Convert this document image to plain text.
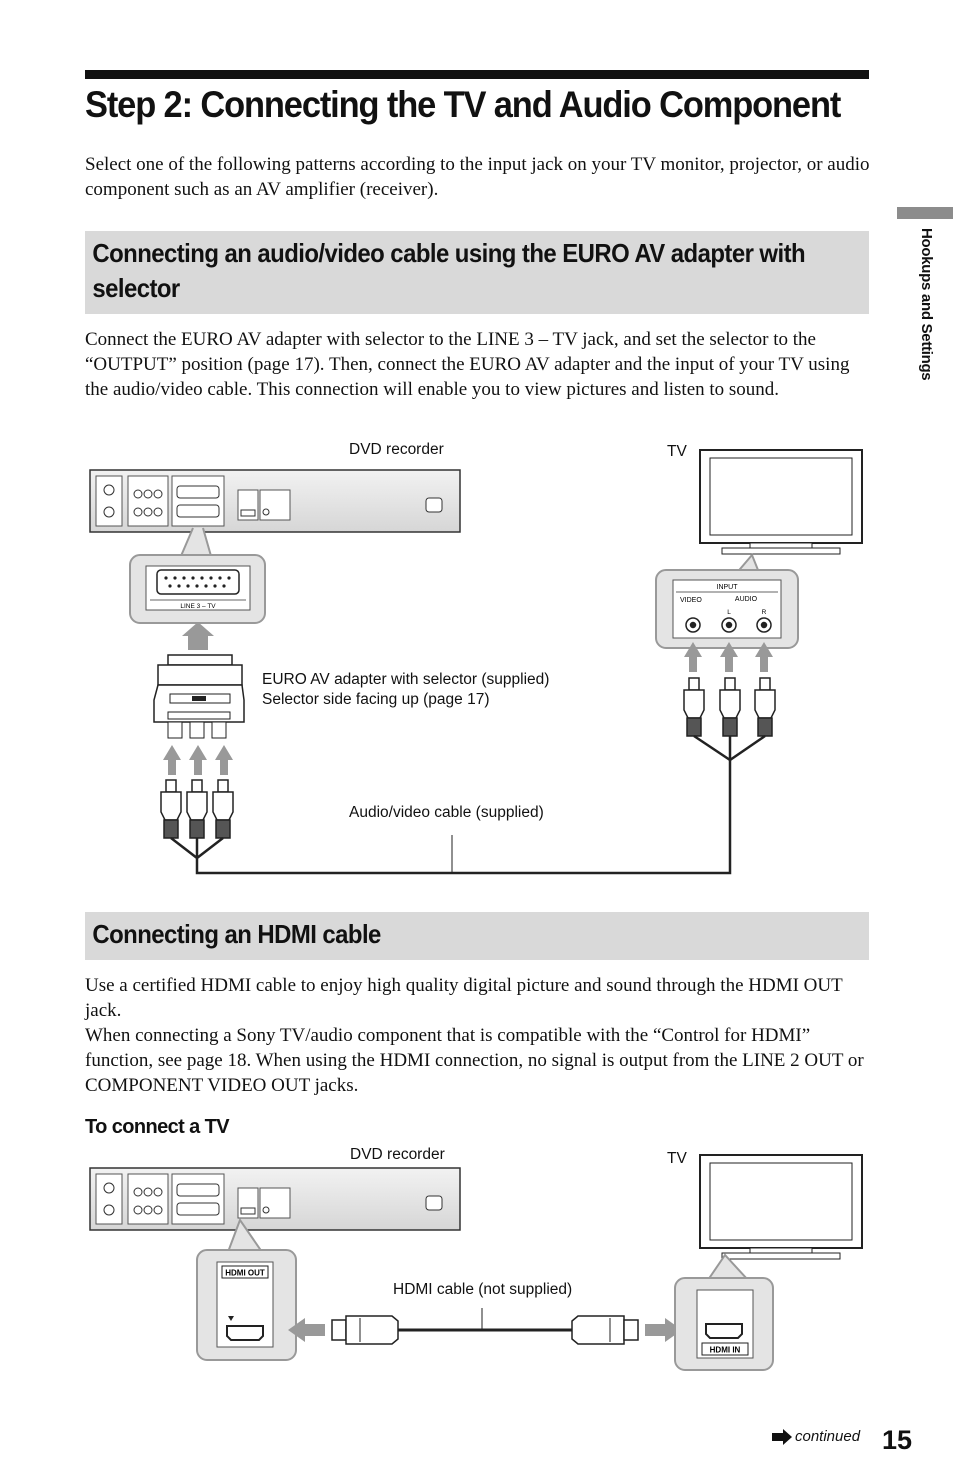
Step 2: Connecting the TV and Audio Component
Select one of the following patterns according to the input jack on your TV monitor, projector, or audio component such as an AV amplifier (receiver).
Hookups and Settings
Connecting an audio/video cable using the EURO AV adapter with selector
Connect the EURO AV adapter with selector to the LINE 3 – TV jack, and set the selector to the “OUTPUT” position (page 17). Then, connect the EURO AV adapter and the input of your TV using the audio/video cable. This connection will enable you to view pictures and listen to sound.
LINE 3 – TV
INPUT
VIDEO	AUDIO
L	R
DVD recorder	TV
EURO AV adapter with selector (supplied)
Selector side facing up (page 17)
Audio/video cable (supplied)
Connecting an HDMI cable
Use a certified HDMI cable to enjoy high quality digital picture and sound through the HDMI OUT jack.
When connecting a Sony TV/audio component that is compatible with the “Control for HDMI” function, see page 18. When using the HDMI connection, no signal is output from the LINE 2 OUT or COMPONENT VIDEO OUT jacks.
To connect a TV
HDMI OUT
HDMI IN
DVD recorder	TV
HDMI cable (not supplied)
continued 15
